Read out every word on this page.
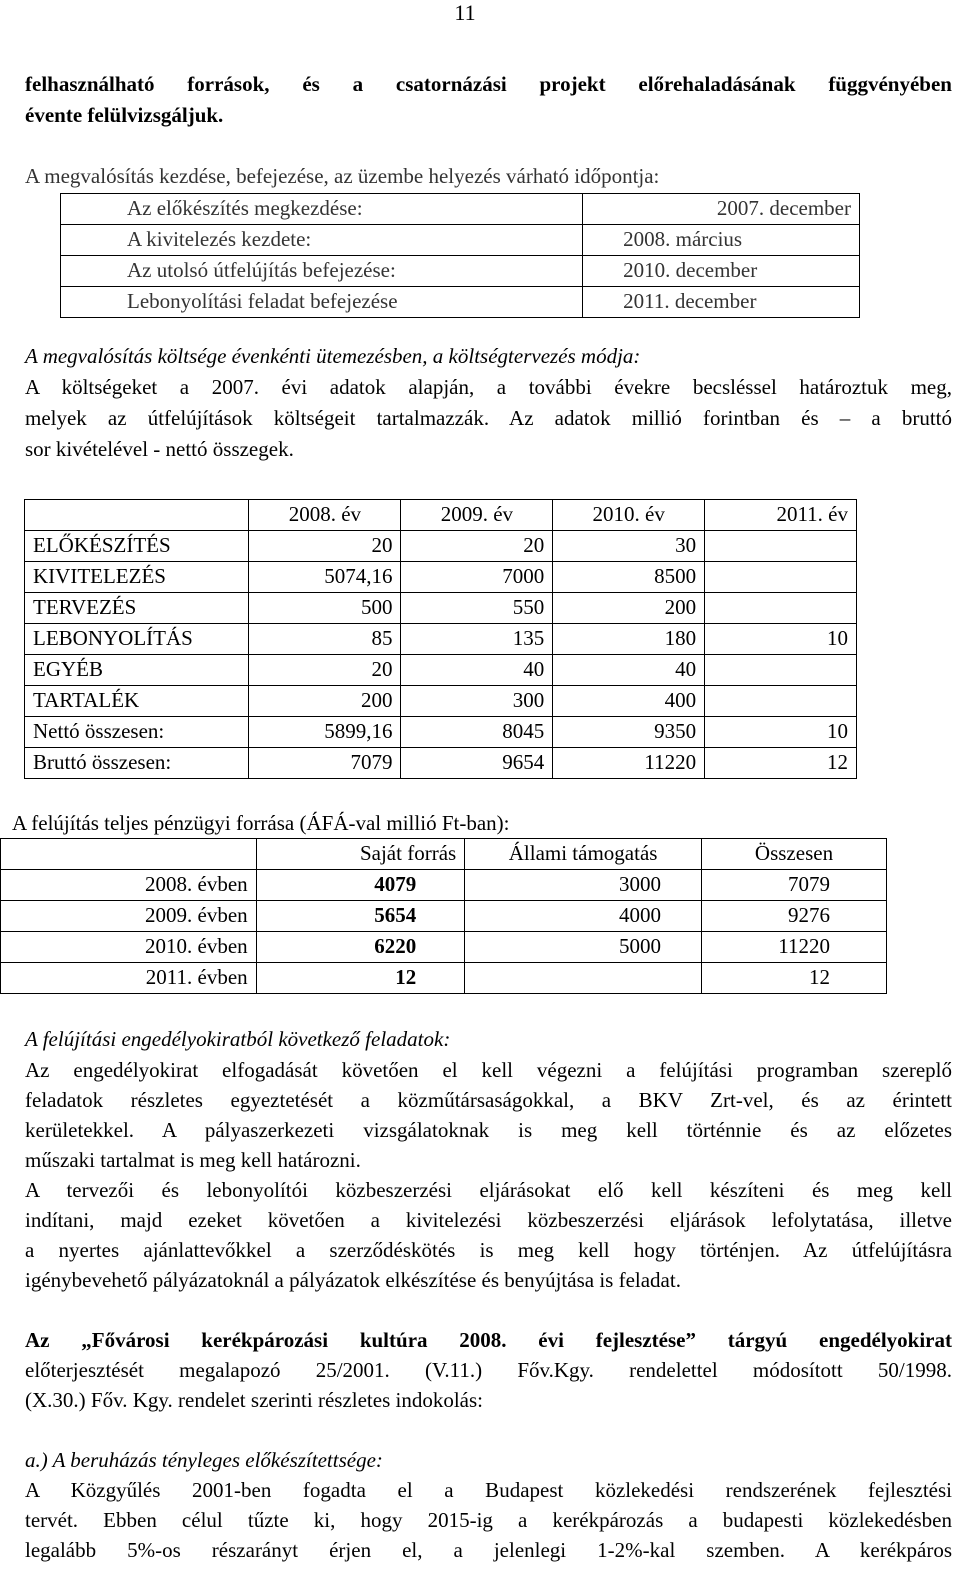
11
felhasználható források, és a csatornázási projekt előrehaladásának függvényében
évente felülvizsgáljuk.
A megvalósítás kezdése, befejezése, az üzembe helyezés várható időpontja:
Az előkészítés megkezdése:	2007. december
A kivitelezés kezdete:	2008. március
Az utolsó útfelújítás befejezése:	2010. december
Lebonyolítási feladat befejezése	2011. december
A megvalósítás költsége évenkénti ütemezésben, a költségtervezés módja:
A költségeket a 2007. évi adatok alapján, a további évekre becsléssel határoztuk meg,
melyek az útfelújítások költségeit tartalmazzák. Az adatok millió forintban és – a bruttó
sor kivételével - nettó összegek.
	2008. év	2009. év	2010. év	2011. év
ELŐKÉSZÍTÉS	20	20	30	
KIVITELEZÉS	5074,16	7000	8500	
TERVEZÉS	500	550	200	
LEBONYOLÍTÁS	85	135	180	10
EGYÉB	20	40	40	
TARTALÉK	200	300	400	
Nettó összesen:	5899,16	8045	9350	10
Bruttó összesen:	7079	9654	11220	12
A felújítás teljes pénzügyi forrása (ÁFÁ-val millió Ft-ban):
	Saját forrás	Állami támogatás	Összesen
2008. évben	4079	3000	7079
2009. évben	5654	4000	9276
2010. évben	6220	5000	11220
2011. évben	12		12
A felújítási engedélyokiratból következő feladatok:
Az engedélyokirat elfogadását követően el kell végezni a felújítási programban szereplő
feladatok részletes egyeztetését a közműtársaságokkal, a BKV Zrt-vel, és az érintett
kerületekkel. A pályaszerkezeti vizsgálatoknak is meg kell történnie és az előzetes
műszaki tartalmat is meg kell határozni.
A tervezői és lebonyolítói közbeszerzési eljárásokat elő kell készíteni és meg kell
indítani, majd ezeket követően a kivitelezési közbeszerzési eljárások lefolytatása, illetve
a nyertes ajánlattevőkkel a szerződéskötés is meg kell hogy történjen. Az útfelújításra
igénybevehető pályázatoknál a pályázatok elkészítése és benyújtása is feladat.
Az „Fővárosi kerékpározási kultúra 2008. évi fejlesztése” tárgyú engedélyokirat
előterjesztését megalapozó 25/2001. (V.11.) Főv.Kgy. rendelettel módosított 50/1998.
(X.30.) Főv. Kgy. rendelet szerinti részletes indokolás:
a.) A beruházás tényleges előkészítettsége:
A Közgyűlés 2001-ben fogadta el a Budapest közlekedési rendszerének fejlesztési
tervét. Ebben célul tűzte ki, hogy 2015-ig a kerékpározás a budapesti közlekedésben
legalább 5%-os részarányt érjen el, a jelenlegi 1-2%-kal szemben. A kerékpáros
